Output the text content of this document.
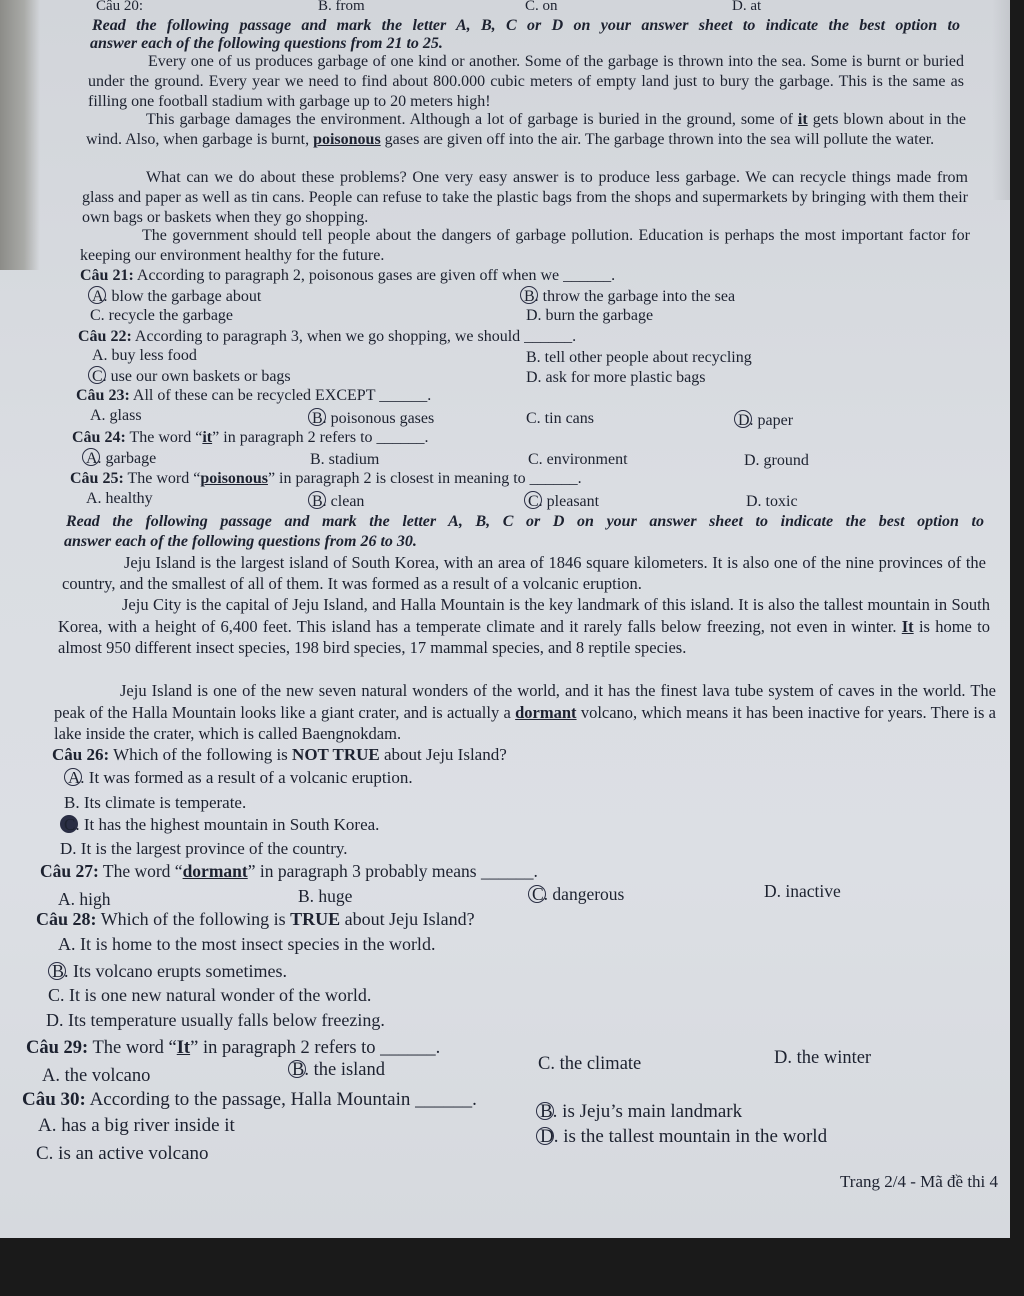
Câu 20:	B. from	C. on	D. at
Read the following passage and mark the letter A, B, C or D on your answer sheet to indicate the best option to
answer each of the following questions from 21 to 25.
Every one of us produces garbage of one kind or another. Some of the garbage is thrown into the sea. Some is burnt or buried under the ground. Every year we need to find about 800.000 cubic meters of empty land just to bury the garbage. This is the same as filling one football stadium with garbage up to 20 meters high!
This garbage damages the environment. Although a lot of garbage is buried in the ground, some of it gets blown about in the wind. Also, when garbage is burnt, poisonous gases are given off into the air. The garbage thrown into the sea will pollute the water.
What can we do about these problems? One very easy answer is to produce less garbage. We can recycle things made from glass and paper as well as tin cans. People can refuse to take the plastic bags from the shops and supermarkets by bringing with them their own bags or baskets when they go shopping.
The government should tell people about the dangers of garbage pollution. Education is perhaps the most important factor for keeping our environment healthy for the future.
Câu 21: According to paragraph 2, poisonous gases are given off when we ______.
A. blow the garbage about	B. throw the garbage into the sea
C. recycle the garbage	D. burn the garbage
Câu 22: According to paragraph 3, when we go shopping, we should ______.
A. buy less food	B. tell other people about recycling
C. use our own baskets or bags	D. ask for more plastic bags
Câu 23: All of these can be recycled EXCEPT ______.
A. glass	B. poisonous gases	C. tin cans	D. paper
Câu 24: The word “it” in paragraph 2 refers to ______.
A. garbage	B. stadium	C. environment	D. ground
Câu 25: The word “poisonous” in paragraph 2 is closest in meaning to ______.
A. healthy	B. clean	C. pleasant	D. toxic
Read the following passage and mark the letter A, B, C or D on your answer sheet to indicate the best option to
answer each of the following questions from 26 to 30.
Jeju Island is the largest island of South Korea, with an area of 1846 square kilometers. It is also one of the nine provinces of the country, and the smallest of all of them. It was formed as a result of a volcanic eruption.
Jeju City is the capital of Jeju Island, and Halla Mountain is the key landmark of this island. It is also the tallest mountain in South Korea, with a height of 6,400 feet. This island has a temperate climate and it rarely falls below freezing, not even in winter. It is home to almost 950 different insect species, 198 bird species, 17 mammal species, and 8 reptile species.
Jeju Island is one of the new seven natural wonders of the world, and it has the finest lava tube system of caves in the world. The peak of the Halla Mountain looks like a giant crater, and is actually a dormant volcano, which means it has been inactive for years. There is a lake inside the crater, which is called Baengnokdam.
Câu 26: Which of the following is NOT TRUE about Jeju Island?
A. It was formed as a result of a volcanic eruption.
B. Its climate is temperate.
C. It has the highest mountain in South Korea.
D. It is the largest province of the country.
Câu 27: The word “dormant” in paragraph 3 probably means ______.
A. high	B. huge	C. dangerous	D. inactive
Câu 28: Which of the following is TRUE about Jeju Island?
A. It is home to the most insect species in the world.
B. Its volcano erupts sometimes.
C. It is one new natural wonder of the world.
D. Its temperature usually falls below freezing.
Câu 29: The word “It” in paragraph 2 refers to ______.
A. the volcano	B. the island	C. the climate	D. the winter
Câu 30: According to the passage, Halla Mountain ______.
A. has a big river inside it
B. is Jeju’s main landmark
C. is an active volcano
D. is the tallest mountain in the world
Trang 2/4 - Mã đề thi 4
